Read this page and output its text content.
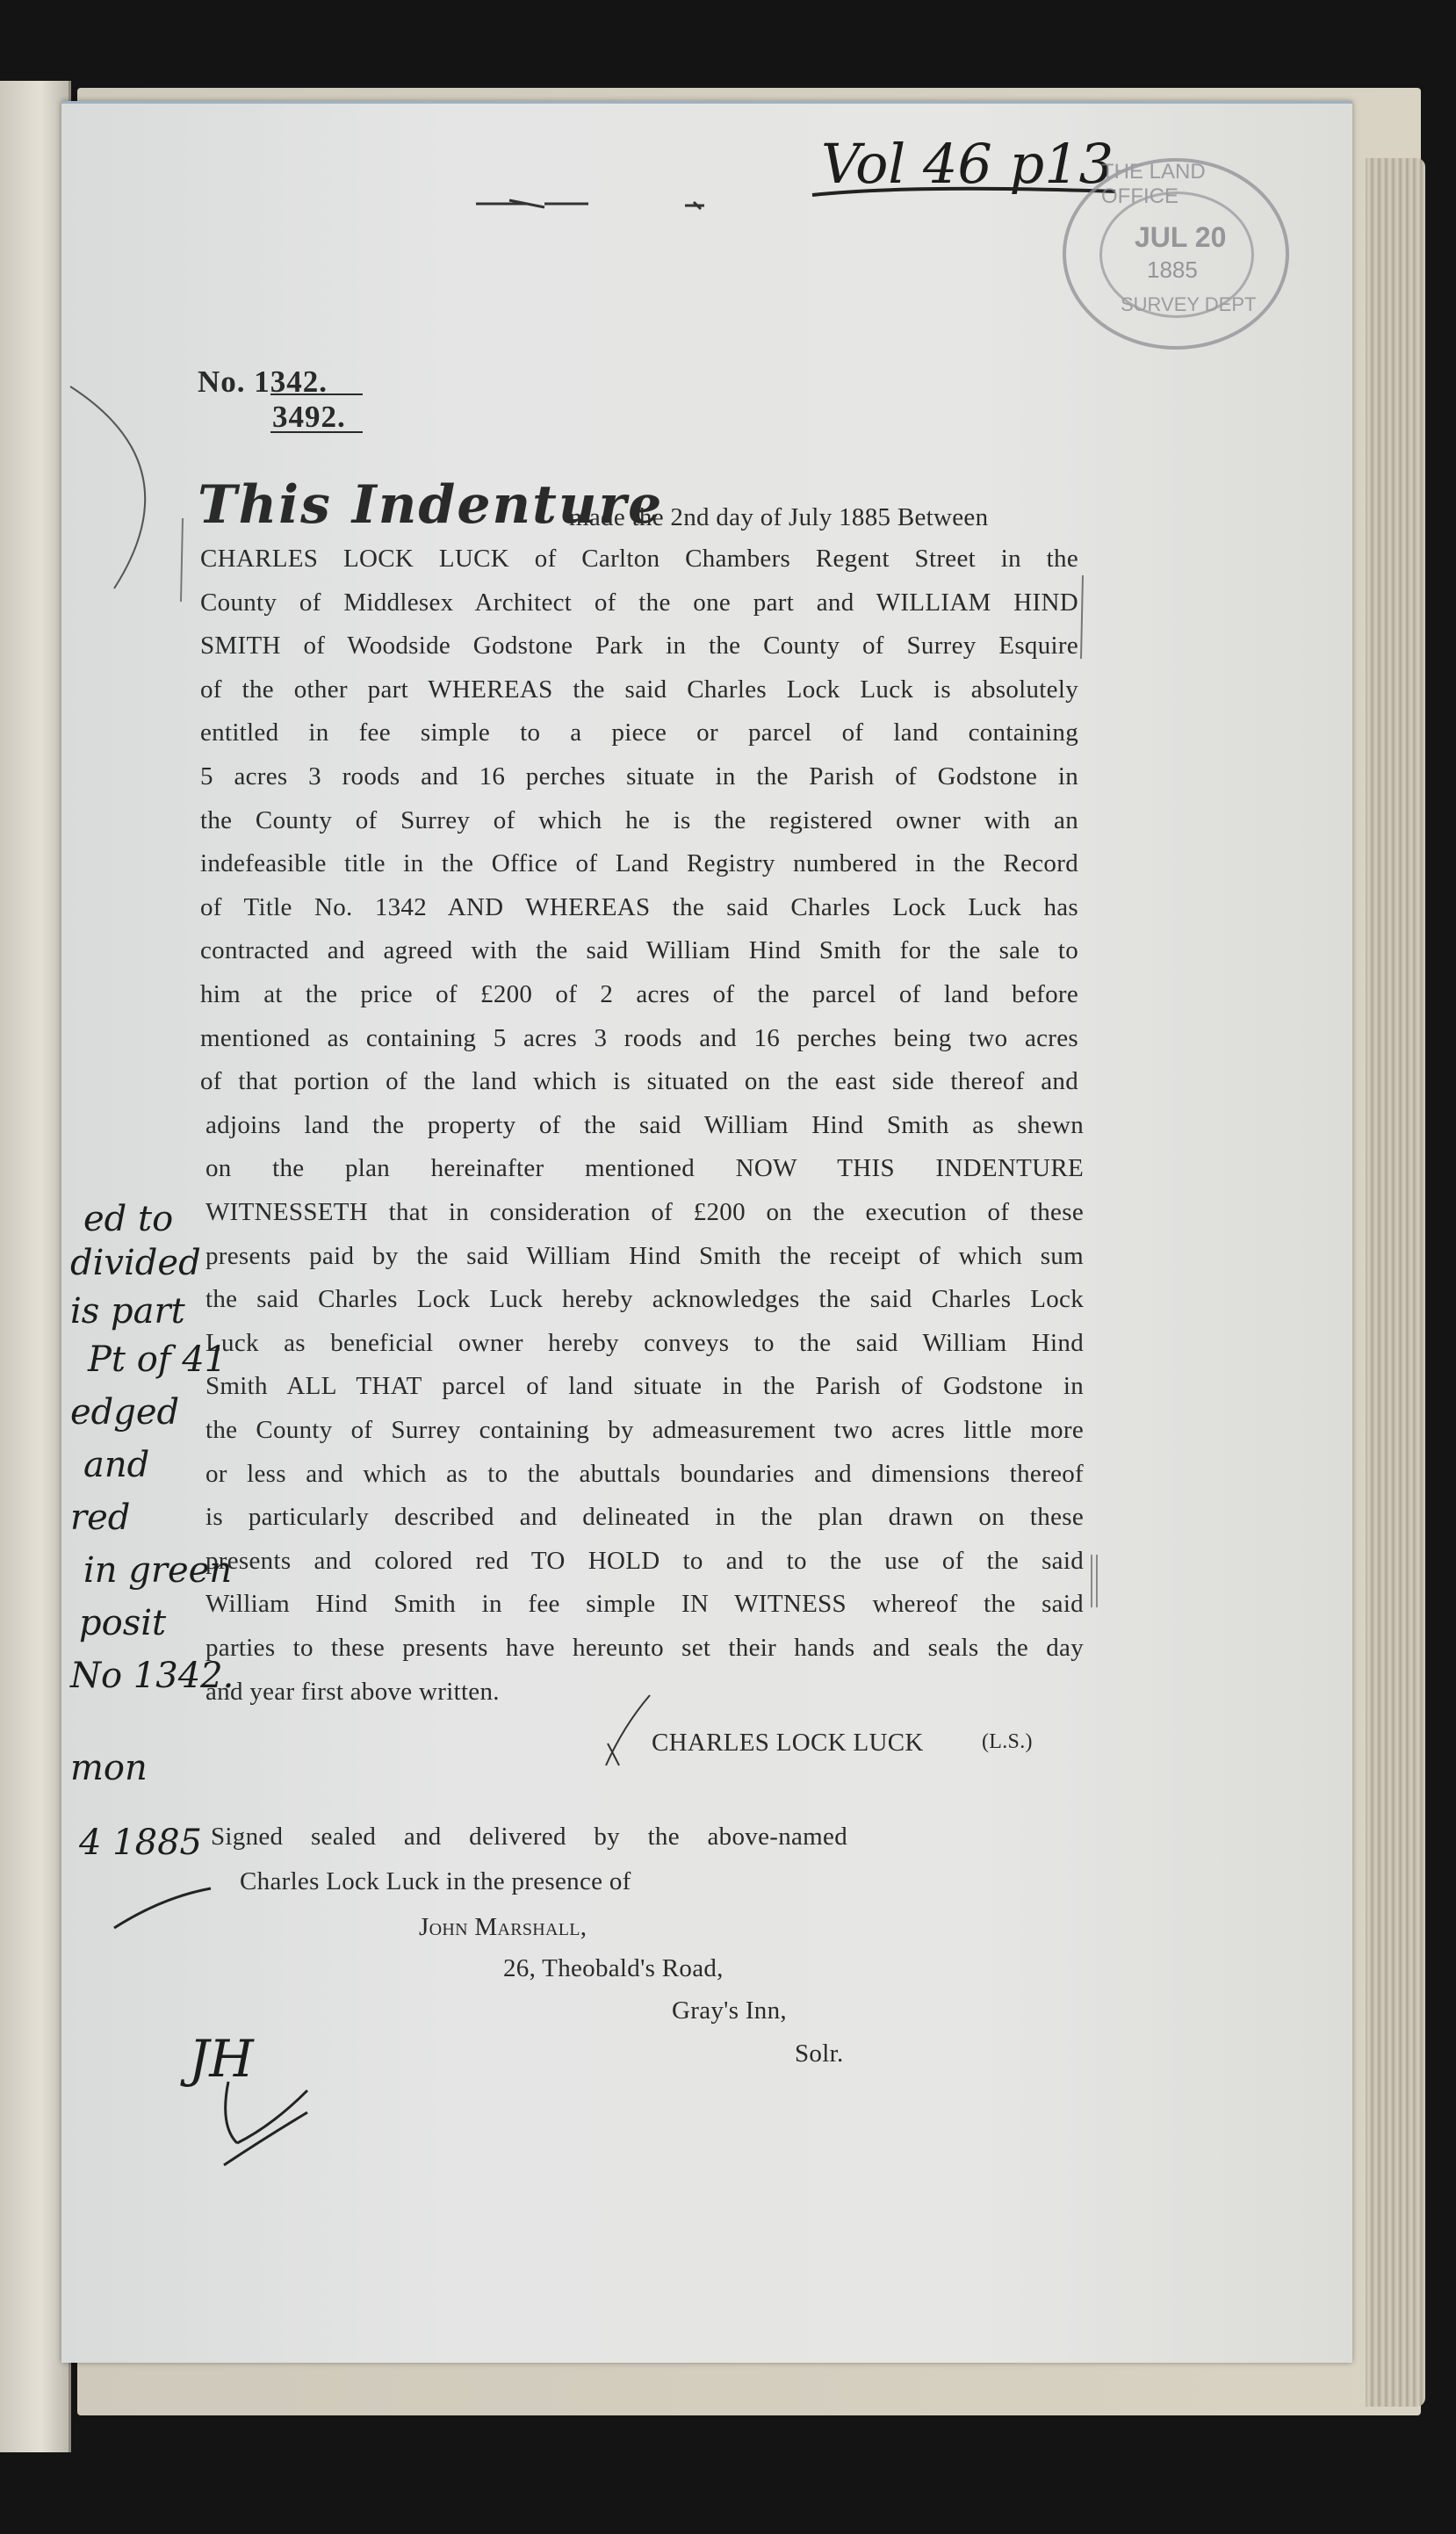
Vol 46 p13
THE LAND OFFICE
JUL 20
1885
SURVEY DEPT
No. 1342.
3492.
This Indenture
made the 2nd day of July 1885 Between
CHARLES LOCK LUCK of Carlton Chambers Regent Street in the
County of Middlesex Architect of the one part and WILLIAM HIND
SMITH of Woodside Godstone Park in the County of Surrey Esquire
of the other part WHEREAS the said Charles Lock Luck is absolutely
entitled in fee simple to a piece or parcel of land containing
5 acres 3 roods and 16 perches situate in the Parish of Godstone in
the County of Surrey of which he is the registered owner with an
indefeasible title in the Office of Land Registry numbered in the Record
of Title No. 1342 AND WHEREAS the said Charles Lock Luck has
contracted and agreed with the said William Hind Smith for the sale to
him at the price of £200 of 2 acres of the parcel of land before
mentioned as containing 5 acres 3 roods and 16 perches being two acres
of that portion of the land which is situated on the east side thereof and
adjoins land the property of the said William Hind Smith as shewn
on the plan hereinafter mentioned NOW THIS INDENTURE
WITNESSETH that in consideration of £200 on the execution of these
presents paid by the said William Hind Smith the receipt of which sum
the said Charles Lock Luck hereby acknowledges the said Charles Lock
Luck as beneficial owner hereby conveys to the said William Hind
Smith ALL THAT parcel of land situate in the Parish of Godstone in
the County of Surrey containing by admeasurement two acres little more
or less and which as to the abuttals boundaries and dimensions thereof
is particularly described and delineated in the plan drawn on these
presents and colored red TO HOLD to and to the use of the said
William Hind Smith in fee simple IN WITNESS whereof the said
parties to these presents have hereunto set their hands and seals the day
and year first above written.
CHARLES LOCK LUCK	(L.S.)
Signed sealed and delivered by the above-named
Charles Lock Luck in the presence of
John Marshall,
26, Theobald's Road,
Gray's Inn,
Solr.
ed to
divided
is part
Pt of 41
edged
and
red
in green
posit
No 1342.
mon
4 1885
JH
